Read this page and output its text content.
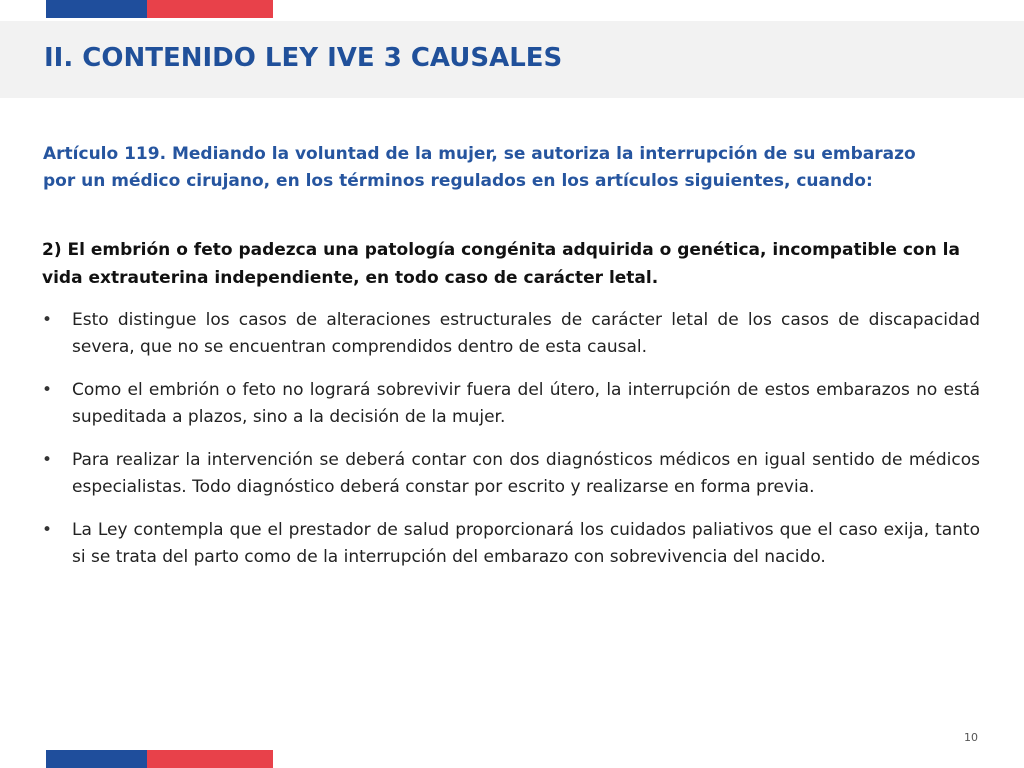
II. CONTENIDO LEY IVE 3 CAUSALES

Artículo 119. Mediando la voluntad de la mujer, se autoriza la interrupción de su embarazo por un médico cirujano, en los términos regulados en los artículos siguientes, cuando:

2) El embrión o feto padezca una patología congénita adquirida o genética, incompatible con la vida extrauterina independiente, en todo caso de carácter letal.

• Esto distingue los casos de alteraciones estructurales de carácter letal de los casos de discapacidad severa, que no se encuentran comprendidos dentro de esta causal.
• Como el embrión o feto no logrará sobrevivir fuera del útero, la interrupción de estos embarazos no está supeditada a plazos, sino a la decisión de la mujer.
• Para realizar la intervención se deberá contar con dos diagnósticos médicos en igual sentido de médicos especialistas. Todo diagnóstico deberá constar por escrito y realizarse en forma previa.
• La Ley contempla que el prestador de salud proporcionará los cuidados paliativos que el caso exija, tanto si se trata del parto como de la interrupción del embarazo con sobrevivencia del nacido.
10
